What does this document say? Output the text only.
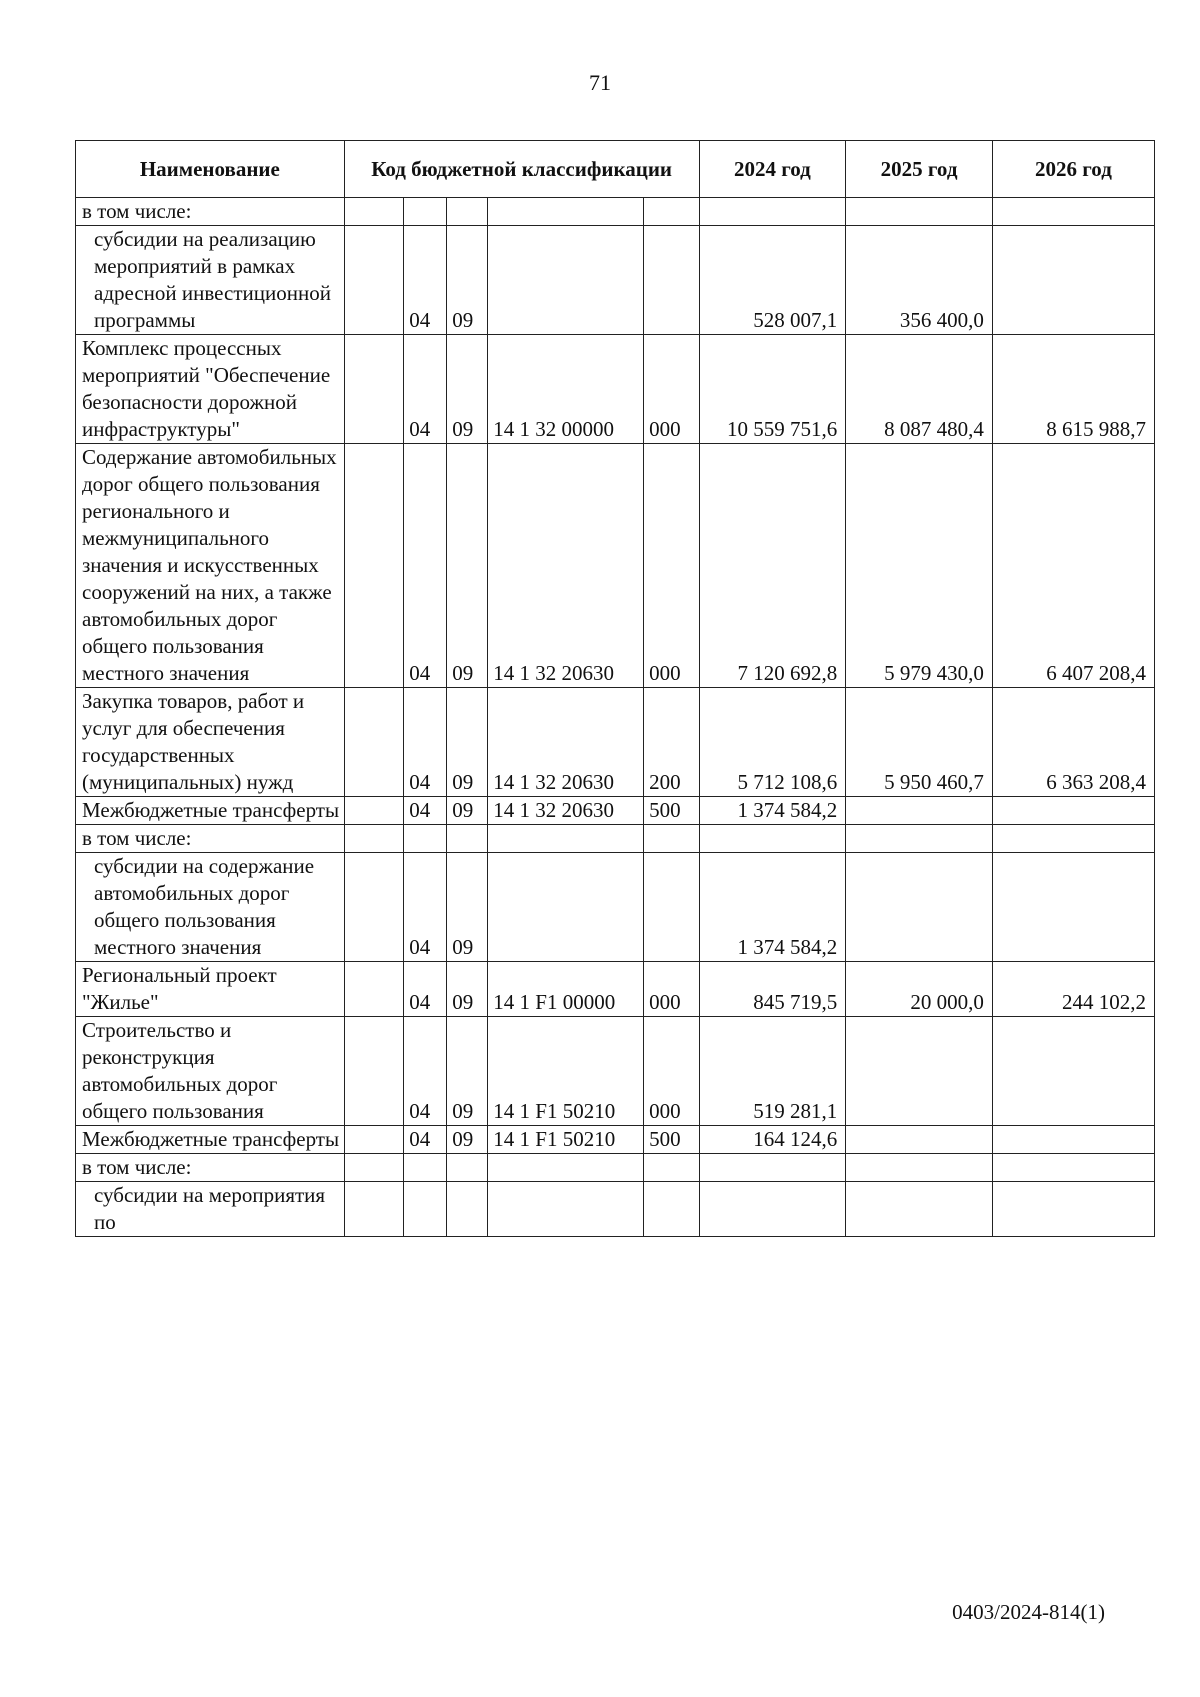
71
Наименование	Код бюджетной классификации					2024 год	2025 год	2026 год
в том числе:								
субсидии на реализацию мероприятий в рамках адресной инвестиционной программы		04	09			528 007,1	356 400,0	
Комплекс процессных мероприятий "Обеспечение безопасности дорожной инфраструктуры"		04	09	14 1 32 00000	000	10 559 751,6	8 087 480,4	8 615 988,7
Содержание автомобильных дорог общего пользования регионального и межмуниципального значения и искусственных сооружений на них, а также автомобильных дорог общего пользования местного значения		04	09	14 1 32 20630	000	7 120 692,8	5 979 430,0	6 407 208,4
Закупка товаров, работ и услуг для обеспечения государственных (муниципальных) нужд		04	09	14 1 32 20630	200	5 712 108,6	5 950 460,7	6 363 208,4
Межбюджетные трансферты		04	09	14 1 32 20630	500	1 374 584,2		
в том числе:								
субсидии на содержание автомобильных дорог общего пользования местного значения		04	09			1 374 584,2		
Региональный проект "Жилье"		04	09	14 1 F1 00000	000	845 719,5	20 000,0	244 102,2
Строительство и реконструкция автомобильных дорог общего пользования		04	09	14 1 F1 50210	000	519 281,1		
Межбюджетные трансферты		04	09	14 1 F1 50210	500	164 124,6		
в том числе:								
субсидии на мероприятия по								
0403/2024-814(1)
